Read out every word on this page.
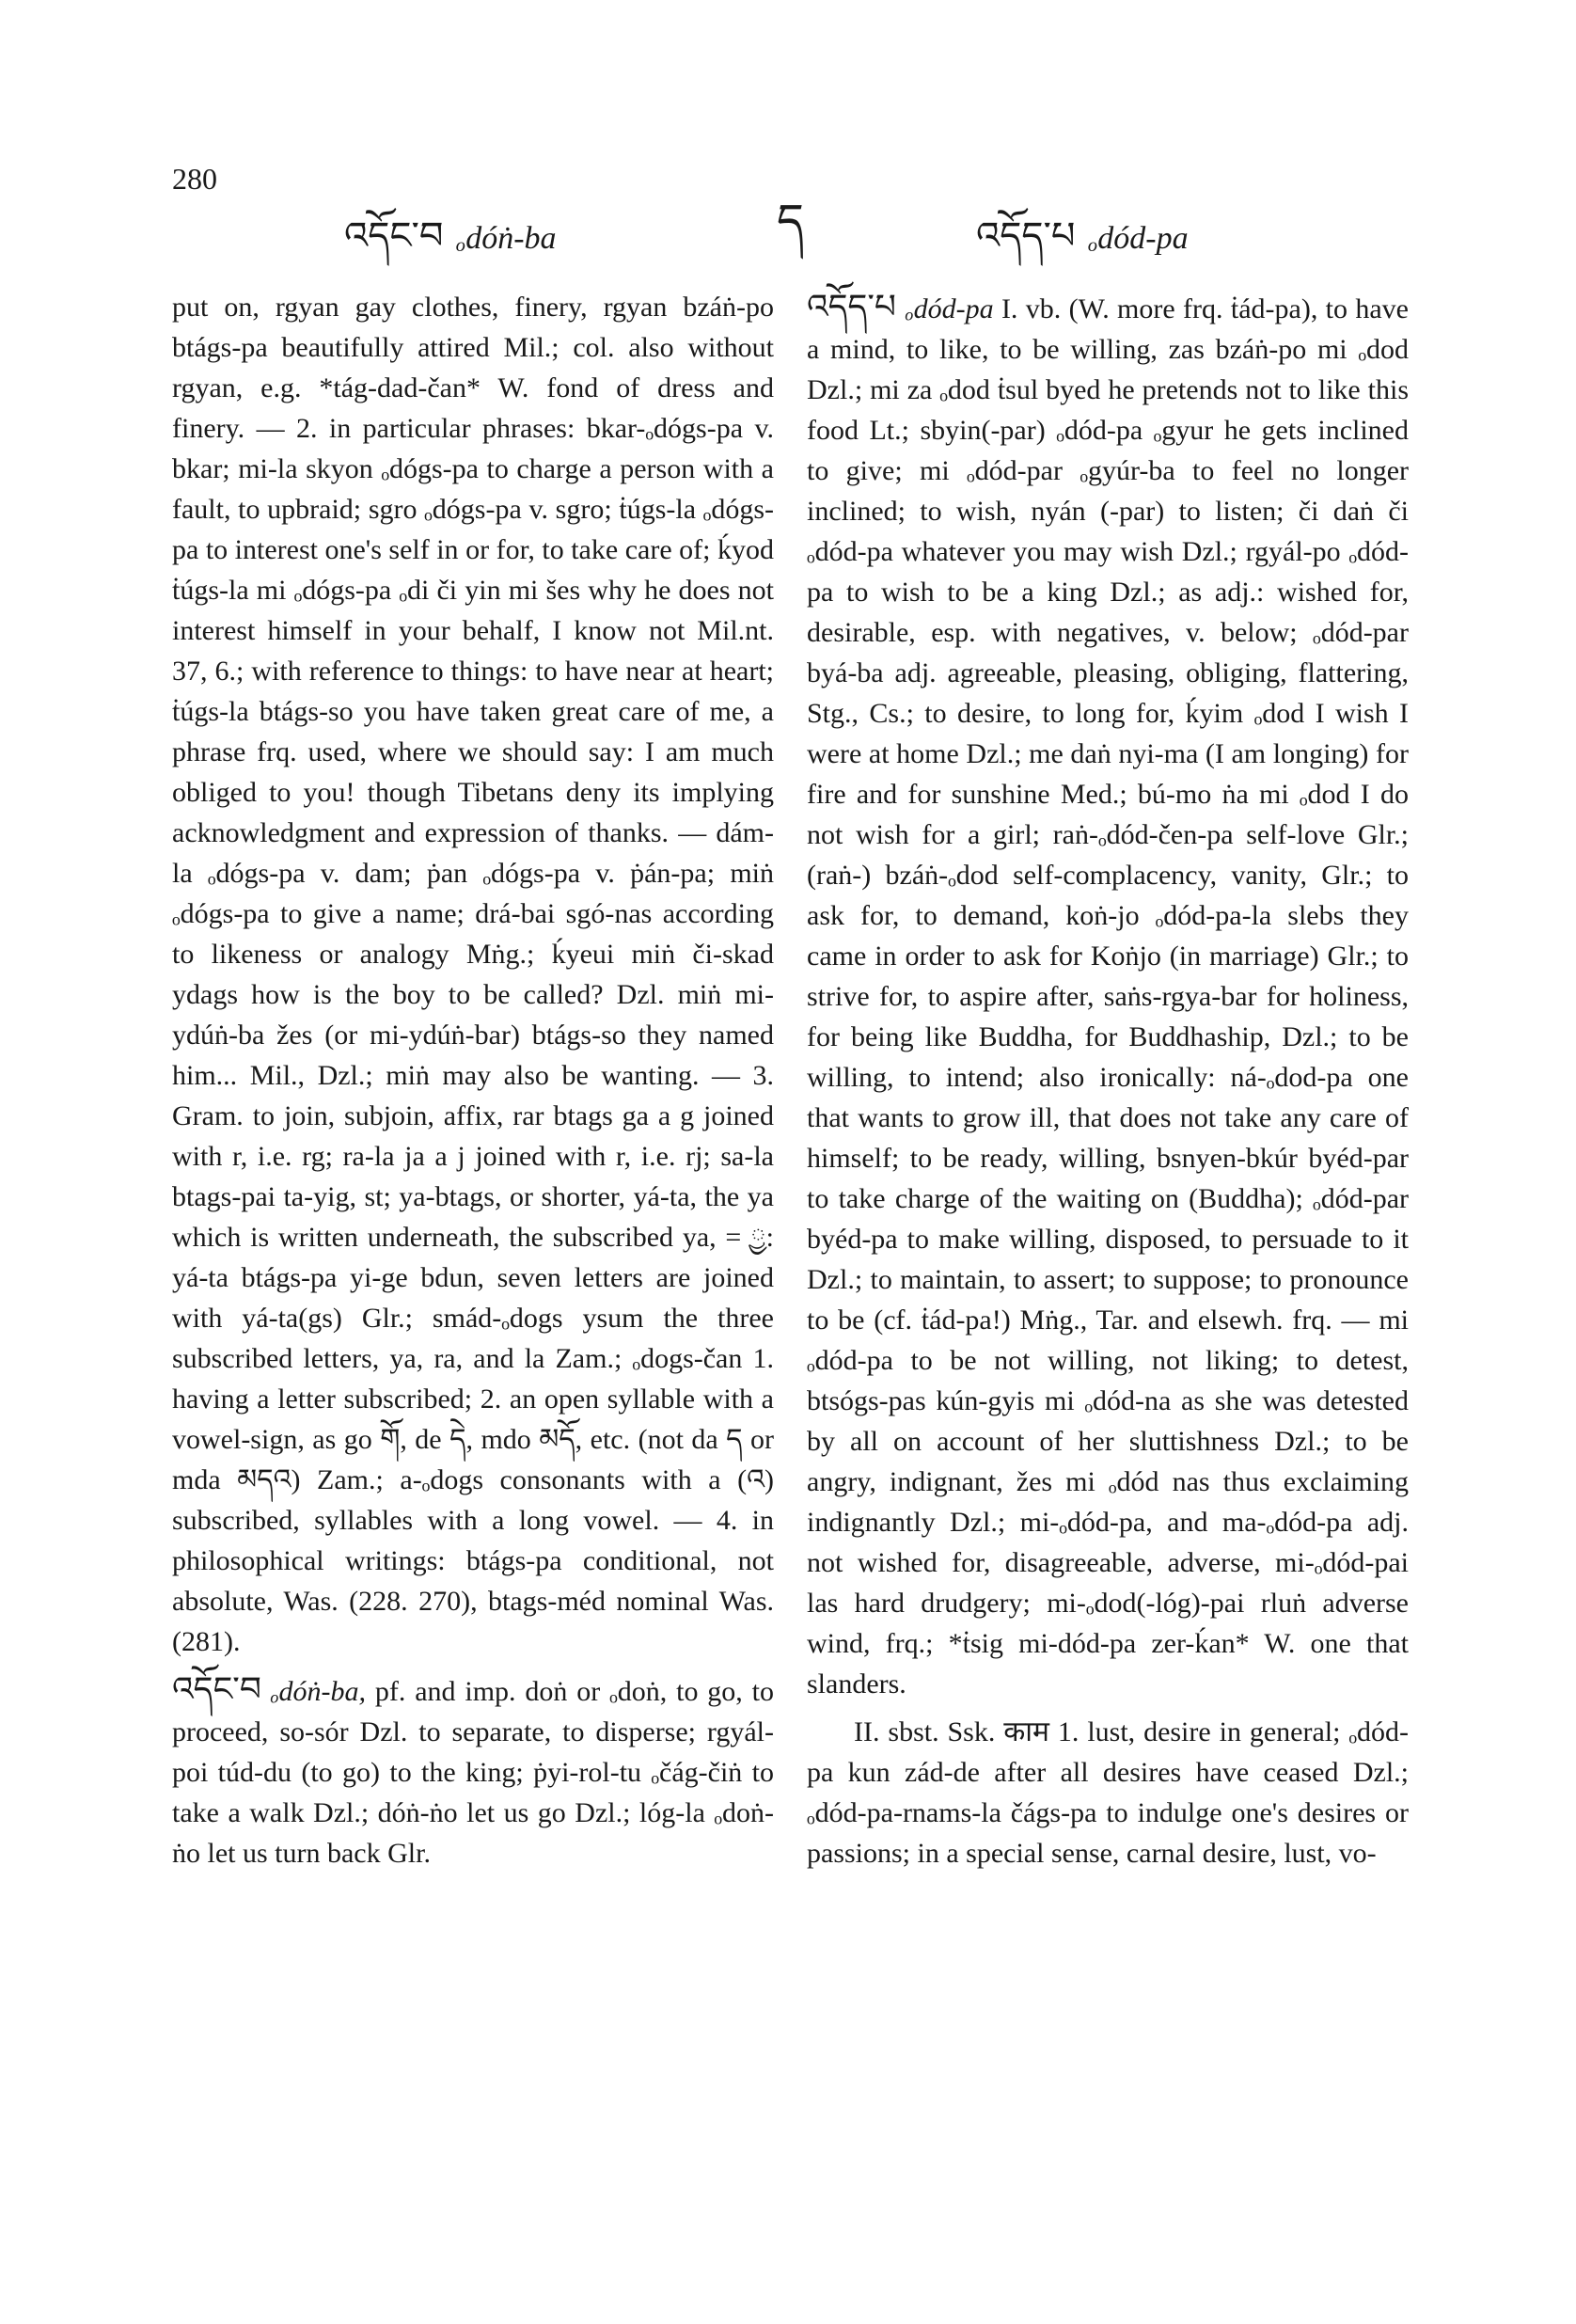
280
འདོང་བ ₒdóṅ-ba	ད	འདོད་པ ₒdód-pa

put on, rgyan gay clothes, finery, rgyan bzáṅ-po btágs-pa beautifully attired Mil.; col. also without rgyan, e.g. *tág-dad-čan* W. fond of dress and finery. — 2. in particular phrases: bkar-ₒdógs-pa v. bkar; mi-la skyon ₒdógs-pa to charge a person with a fault, to upbraid; sgro ₒdógs-pa v. sgro; ṫúgs-la ₒdógs-pa to interest one's self in or for, to take care of; ḱyod ṫúgs-la mi ₒdógs-pa ₒdi či yin mi šes why he does not interest himself in your behalf, I know not Mil.nt. 37, 6.; with reference to things: to have near at heart; ṫúgs-la btágs-so you have taken great care of me, a phrase frq. used, where we should say: I am much obliged to you! though Tibetans deny its implying acknowledgment and expression of thanks. — dám-la ₒdógs-pa v. dam; ṗan ₒdógs-pa v. ṗán-pa; miṅ ₒdógs-pa to give a name; drá-bai sgó-nas according to likeness or analogy Mṅg.; ḱyeui miṅ či-skad ydags how is the boy to be called? Dzl. miṅ mi-ydúṅ-ba žes (or mi-ydúṅ-bar) btágs-so they named him... Mil., Dzl.; miṅ may also be wanting. — 3. Gram. to join, subjoin, affix, rar btags ga a g joined with r, i.e. rg; ra-la ja a j joined with r, i.e. rj; sa-la btags-pai ta-yig, st; ya-btags, or shorter, yá-ta, the ya which is written underneath, the subscribed ya, = ྱ: yá-ta btágs-pa yi-ge bdun, seven letters are joined with yá-ta(gs) Glr.; smád-ₒdogs ysum the three subscribed letters, ya, ra, and la Zam.; ₒdogs-čan 1. having a letter subscribed; 2. an open syllable with a vowel-sign, as go གོ, de དེ, mdo མདོ, etc. (not da ད or mda མདའ) Zam.; a-ₒdogs consonants with a (འ) subscribed, syllables with a long vowel. — 4. in philosophical writings: btágs-pa conditional, not absolute, Was. (228. 270), btags-méd nominal Was. (281).

འདོང་བ ₒdóṅ-ba, pf. and imp. doṅ or ₒdoṅ, to go, to proceed, so-sór Dzl. to separate, to disperse; rgyál-poi túd-du (to go) to the king; ṗyi-rol-tu ₒčág-čiṅ to take a walk Dzl.; dóṅ-ṅo let us go Dzl.; lóg-la ₒdoṅ-ṅo let us turn back Glr.

འདོད་པ ₒdód-pa I. vb. (W. more frq. ṫád-pa), to have a mind, to like, to be willing, zas bzáṅ-po mi ₒdod Dzl.; mi za ₒdod ṫsul byed he pretends not to like this food Lt.; sbyin(-par) ₒdód-pa ₒgyur he gets inclined to give; mi ₒdód-par ₒgyúr-ba to feel no longer inclined; to wish, nyán (-par) to listen; či daṅ či ₒdód-pa whatever you may wish Dzl.; rgyál-po ₒdód-pa to wish to be a king Dzl.; as adj.: wished for, desirable, esp. with negatives, v. below; ₒdód-par byá-ba adj. agreeable, pleasing, obliging, flattering, Stg., Cs.; to desire, to long for, ḱyim ₒdod I wish I were at home Dzl.; me daṅ nyi-ma (I am longing) for fire and for sunshine Med.; bú-mo ṅa mi ₒdod I do not wish for a girl; raṅ-ₒdód-čen-pa self-love Glr.; (raṅ-) bzáṅ-ₒdod self-complacency, vanity, Glr.; to ask for, to demand, koṅ-jo ₒdód-pa-la slebs they came in order to ask for Koṅjo (in marriage) Glr.; to strive for, to aspire after, saṅs-rgya-bar for holiness, for being like Buddha, for Buddhaship, Dzl.; to be willing, to intend; also ironically: ná-ₒdod-pa one that wants to grow ill, that does not take any care of himself; to be ready, willing, bsnyen-bkúr byéd-par to take charge of the waiting on (Buddha); ₒdód-par byéd-pa to make willing, disposed, to persuade to it Dzl.; to maintain, to assert; to suppose; to pronounce to be (cf. ṫád-pa!) Mṅg., Tar. and elsewh. frq. — mi ₒdód-pa to be not willing, not liking; to detest, btsógs-pas kún-gyis mi ₒdód-na as she was detested by all on account of her sluttishness Dzl.; to be angry, indignant, žes mi ₒdód nas thus exclaiming indignantly Dzl.; mi-ₒdód-pa, and ma-ₒdód-pa adj. not wished for, disagreeable, adverse, mi-ₒdód-pai las hard drudgery; mi-ₒdod(-lóg)-pai rluṅ adverse wind, frq.; *ṫsig mi-dód-pa zer-ḱan* W. one that slanders.

II. sbst. Ssk. काम 1. lust, desire in general; ₒdód-pa kun zád-de after all desires have ceased Dzl.; ₒdód-pa-rnams-la čágs-pa to indulge one's desires or passions; in a special sense, carnal desire, lust, vo-
